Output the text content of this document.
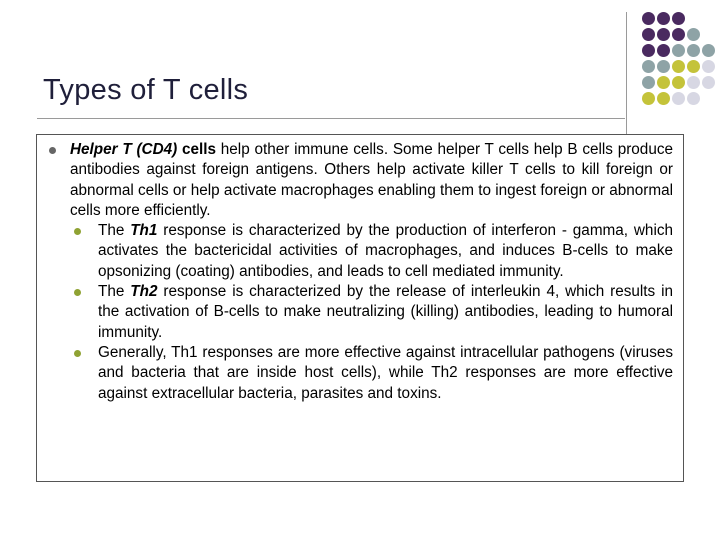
Types of T cells
Helper T (CD4) cells help other immune cells. Some helper T cells help B cells produce antibodies against foreign antigens. Others help activate killer T cells to kill foreign or abnormal cells or help activate macrophages enabling them to ingest foreign or abnormal cells more efficiently.
The Th1 response is characterized by the production of interferon - gamma, which activates the bactericidal activities of macrophages, and induces B-cells to make opsonizing (coating) antibodies, and leads to cell mediated immunity.
The Th2 response is characterized by the release of interleukin 4, which results in the activation of B-cells to make neutralizing (killing) antibodies, leading to humoral immunity.
Generally, Th1 responses are more effective against intracellular pathogens (viruses and bacteria that are inside host cells), while Th2 responses are more effective against extracellular bacteria, parasites and toxins.
